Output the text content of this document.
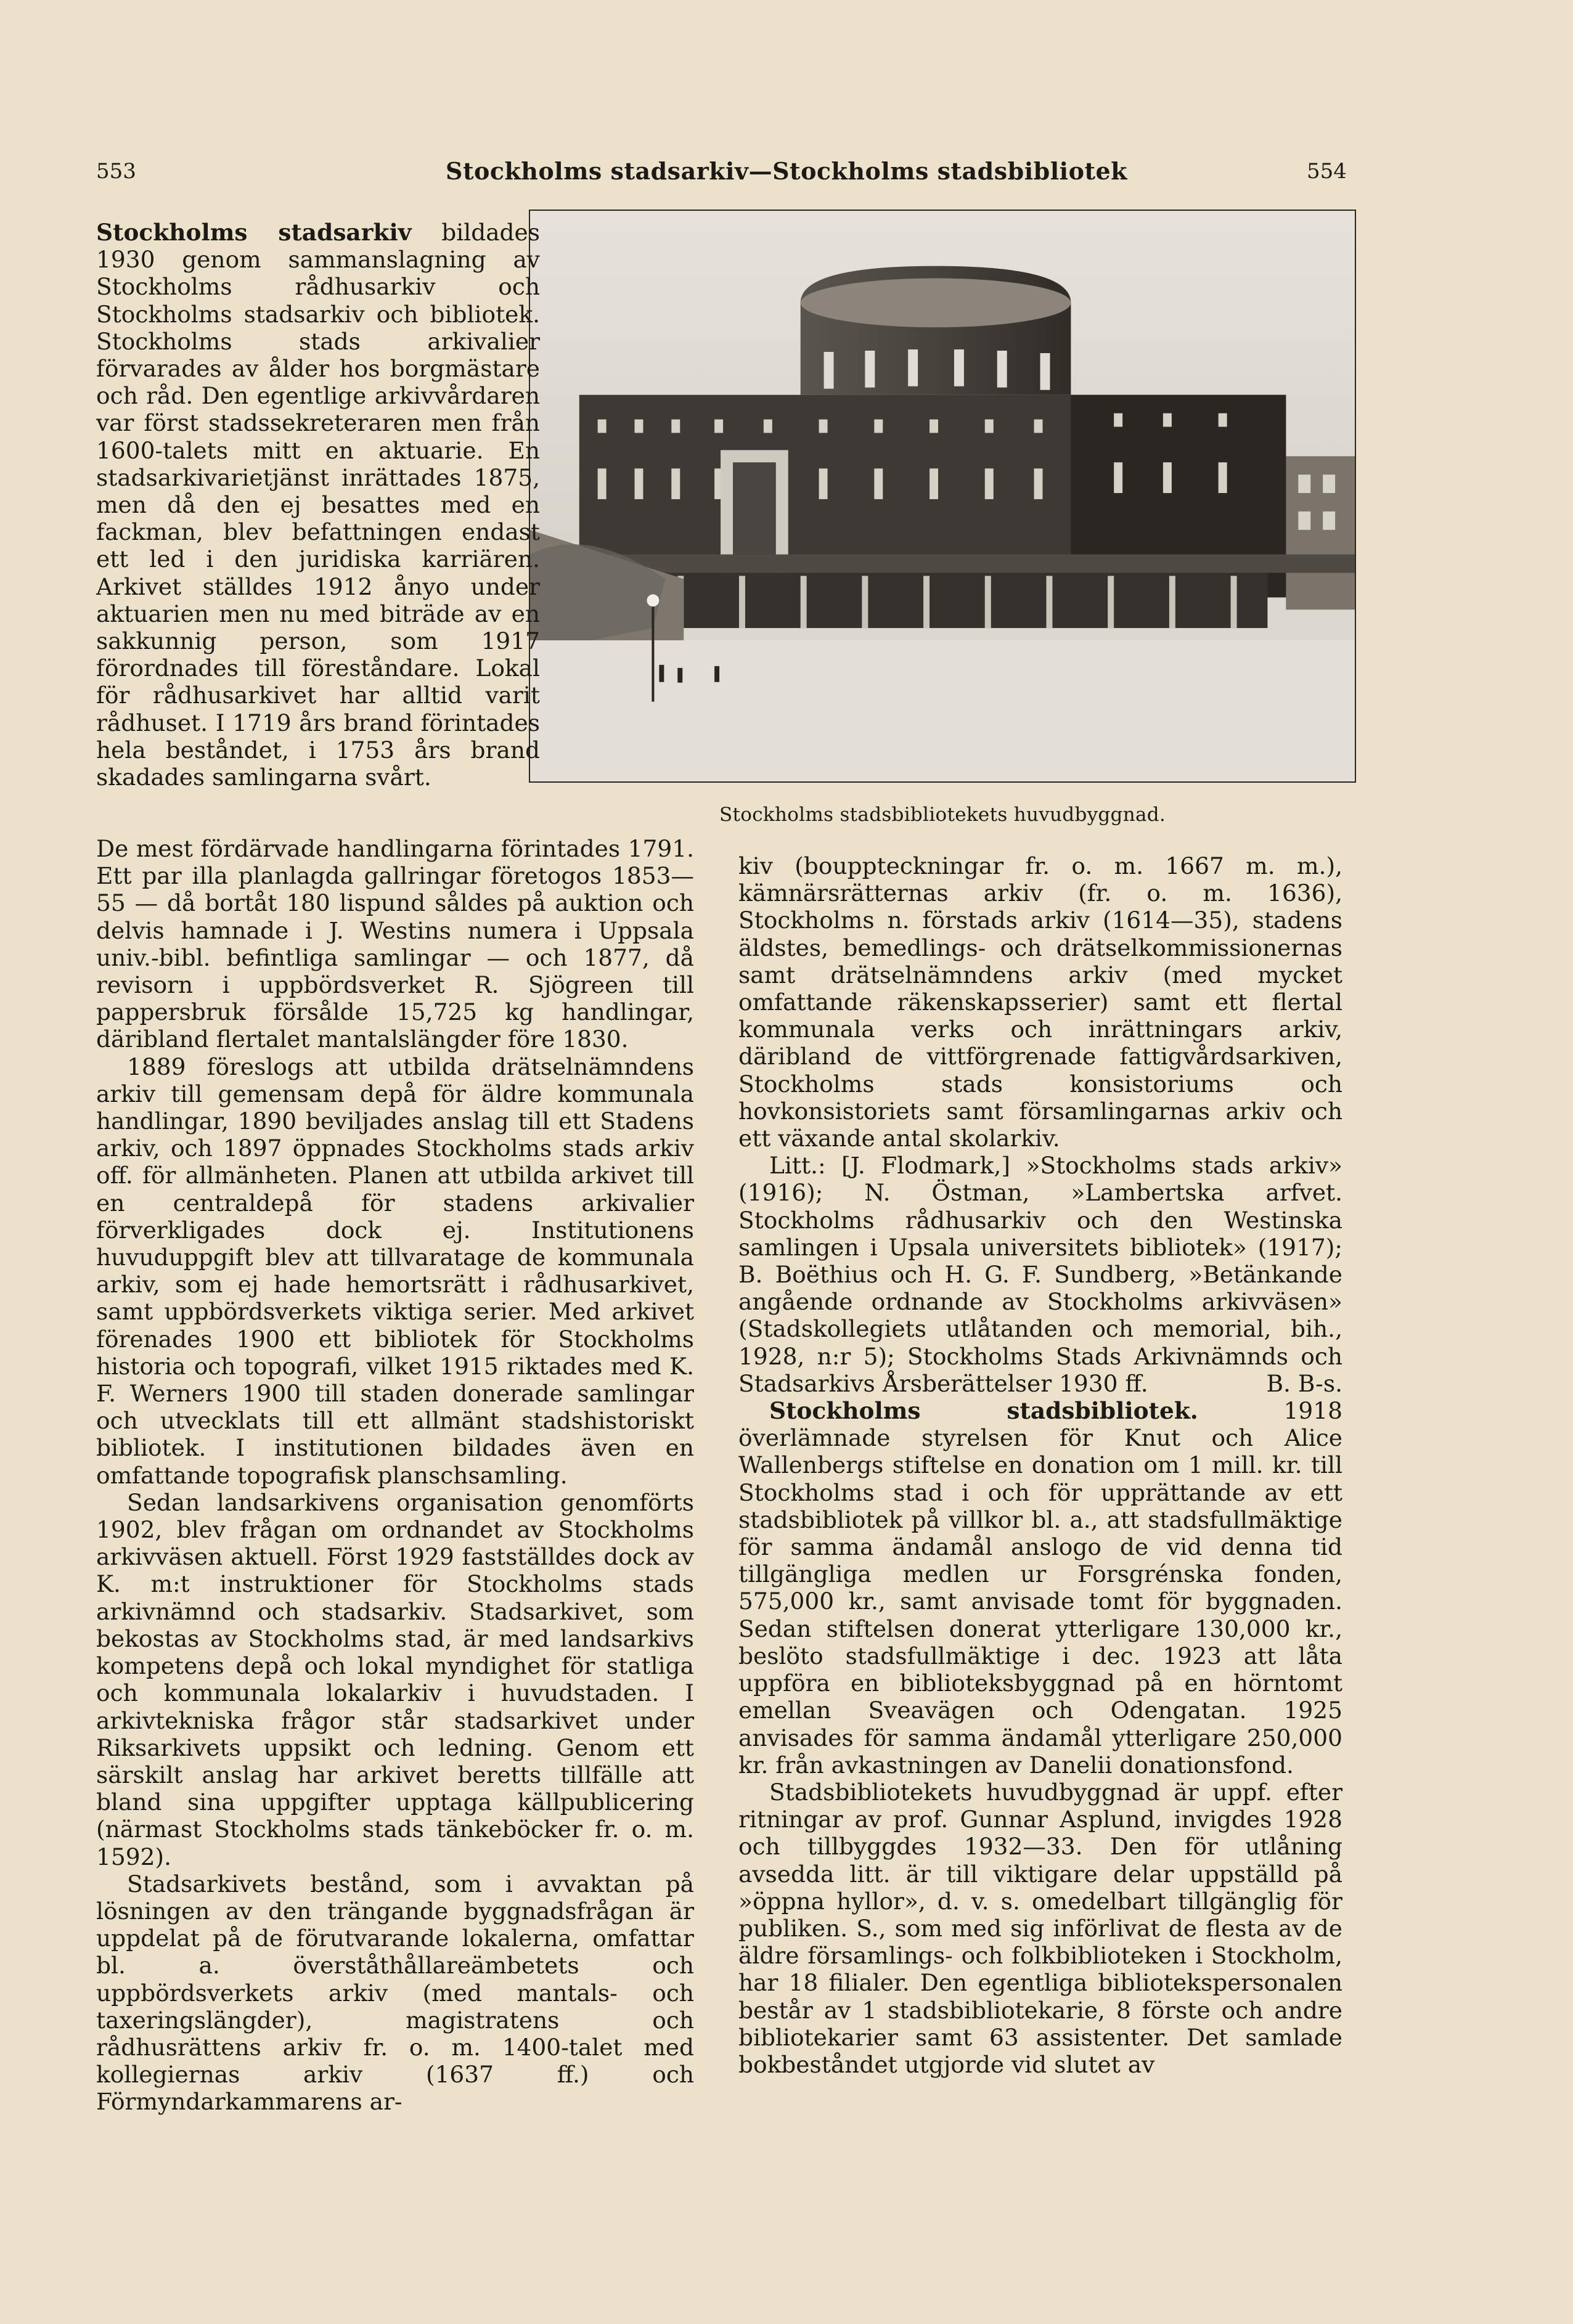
553	Stockholms stadsarkiv—Stockholms stadsbibliotek	554
Stockholms stadsbibliotekets huvudbyggnad.

Stockholms stadsarkiv bildades 1930 genom sammanslagning av Stockholms rådhusarkiv och Stockholms stadsarkiv och bibliotek. Stockholms stads arkivalier förvarades av ålder hos borgmästare och råd. Den egentlige arkivvårdaren var först stadssekreteraren men från 1600-talets mitt en aktuarie. En stadsarkivarietjänst inrättades 1875, men då den ej besattes med en fackman, blev befattningen endast ett led i den juridiska karriären. Arkivet ställdes 1912 ånyo under aktuarien men nu med biträde av en sakkunnig person, som 1917 förordnades till föreståndare. Lokal för rådhusarkivet har alltid varit rådhuset. I 1719 års brand förintades hela beståndet, i 1753 års brand skadades samlingarna svårt.

De mest fördärvade handlingarna förintades 1791. Ett par illa planlagda gallringar företogos 1853—55 — då bortåt 180 lispund såldes på auktion och delvis hamnade i J. Westins numera i Uppsala univ.-bibl. befintliga samlingar — och 1877, då revisorn i uppbördsverket R. Sjögreen till pappersbruk försålde 15,725 kg handlingar, däribland flertalet mantalslängder före 1830.

1889 föreslogs att utbilda drätselnämndens arkiv till gemensam depå för äldre kommunala handlingar, 1890 beviljades anslag till ett Stadens arkiv, och 1897 öppnades Stockholms stads arkiv off. för allmänheten. Planen att utbilda arkivet till en centraldepå för stadens arkivalier förverkligades dock ej. Institutionens huvuduppgift blev att tillvaratage de kommunala arkiv, som ej hade hemortsrätt i rådhusarkivet, samt uppbördsverkets viktiga serier. Med arkivet förenades 1900 ett bibliotek för Stockholms historia och topografi, vilket 1915 riktades med K. F. Werners 1900 till staden donerade samlingar och utvecklats till ett allmänt stadshistoriskt bibliotek. I institutionen bildades även en omfattande topografisk planschsamling.

Sedan landsarkivens organisation genomförts 1902, blev frågan om ordnandet av Stockholms arkivväsen aktuell. Först 1929 fastställdes dock av K. m:t instruktioner för Stockholms stads arkivnämnd och stadsarkiv. Stadsarkivet, som bekostas av Stockholms stad, är med landsarkivs kompetens depå och lokal myndighet för statliga och kommunala lokalarkiv i huvudstaden. I arkivtekniska frågor står stadsarkivet under Riksarkivets uppsikt och ledning. Genom ett särskilt anslag har arkivet beretts tillfälle att bland sina uppgifter upptaga källpublicering (närmast Stockholms stads tänkeböcker fr. o. m. 1592).

Stadsarkivets bestånd, som i avvaktan på lösningen av den trängande byggnadsfrågan är uppdelat på de förutvarande lokalerna, omfattar bl. a. överståthållareämbetets och uppbördsverkets arkiv (med mantals- och taxeringslängder), magistratens och rådhusrättens arkiv fr. o. m. 1400-talet med kollegiernas arkiv (1637 ff.) och Förmyndarkammarens ar-

kiv (bouppteckningar fr. o. m. 1667 m. m.), kämnärsrätternas arkiv (fr. o. m. 1636), Stockholms n. förstads arkiv (1614—35), stadens äldstes, bemedlings- och drätselkommissionernas samt drätselnämndens arkiv (med mycket omfattande räkenskapsserier) samt ett flertal kommunala verks och inrättningars arkiv, däribland de vittförgrenade fattigvårdsarkiven, Stockholms stads konsistoriums och hovkonsistoriets samt församlingarnas arkiv och ett växande antal skolarkiv.

Litt.: [J. Flodmark,] »Stockholms stads arkiv» (1916); N. Östman, »Lambertska arfvet. Stockholms rådhusarkiv och den Westinska samlingen i Upsala universitets bibliotek» (1917); B. Boëthius och H. G. F. Sundberg, »Betänkande angående ordnande av Stockholms arkivväsen» (Stadskollegiets utlåtanden och memorial, bih., 1928, n:r 5); Stockholms Stads Arkivnämnds och Stadsarkivs Årsberättelser 1930 ff.	B. B-s.

Stockholms stadsbibliotek. 1918 överlämnade styrelsen för Knut och Alice Wallenbergs stiftelse en donation om 1 mill. kr. till Stockholms stad i och för upprättande av ett stadsbibliotek på villkor bl. a., att stadsfullmäktige för samma ändamål anslogo de vid denna tid tillgängliga medlen ur Forsgrénska fonden, 575,000 kr., samt anvisade tomt för byggnaden. Sedan stiftelsen donerat ytterligare 130,000 kr., beslöto stadsfullmäktige i dec. 1923 att låta uppföra en biblioteksbyggnad på en hörntomt emellan Sveavägen och Odengatan. 1925 anvisades för samma ändamål ytterligare 250,000 kr. från avkastningen av Danelii donationsfond.

Stadsbibliotekets huvudbyggnad är uppf. efter ritningar av prof. Gunnar Asplund, invigdes 1928 och tillbyggdes 1932—33. Den för utlåning avsedda litt. är till viktigare delar uppställd på »öppna hyllor», d. v. s. omedelbart tillgänglig för publiken. S., som med sig införlivat de flesta av de äldre församlings- och folkbiblioteken i Stockholm, har 18 filialer. Den egentliga bibliotekspersonalen består av 1 stadsbibliotekarie, 8 förste och andre bibliotekarier samt 63 assistenter. Det samlade bokbeståndet utgjorde vid slutet av
